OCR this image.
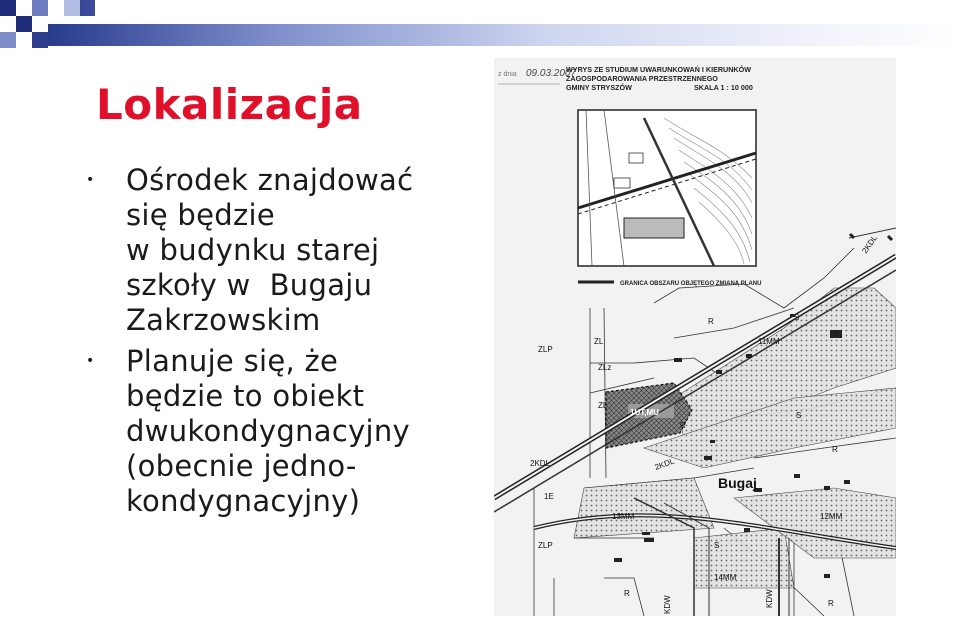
Lokalizacja
• Ośrodek znajdować
się będzie
w budynku starej
szkoły w  Bugaju
Zakrzowskim
• Planuje się, że
będzie to obiekt
dwukondygnacyjny
(obecnie jedno-
kondygnacyjny)
z dnia 09.03.2007
WYRYS ZE STUDIUM UWARUNKOWAŃ I KIERUNKÓW
ZAGOSPODAROWANIA PRZESTRZENNEGO
GMINY STRYSZÓW	SKALA 1 : 10 000
GRANICA OBSZARU OBJĘTEGO ZMIANĄ PLANU
ZLP
ZL
ZLz
ZL
1UT,MU
2KDL
2KDL	2KDL
1E
13MM
14MM
12MM
11MM
ZLP
KDW	KDW
Bugaj
R
R
R
R
R
S
S
S
